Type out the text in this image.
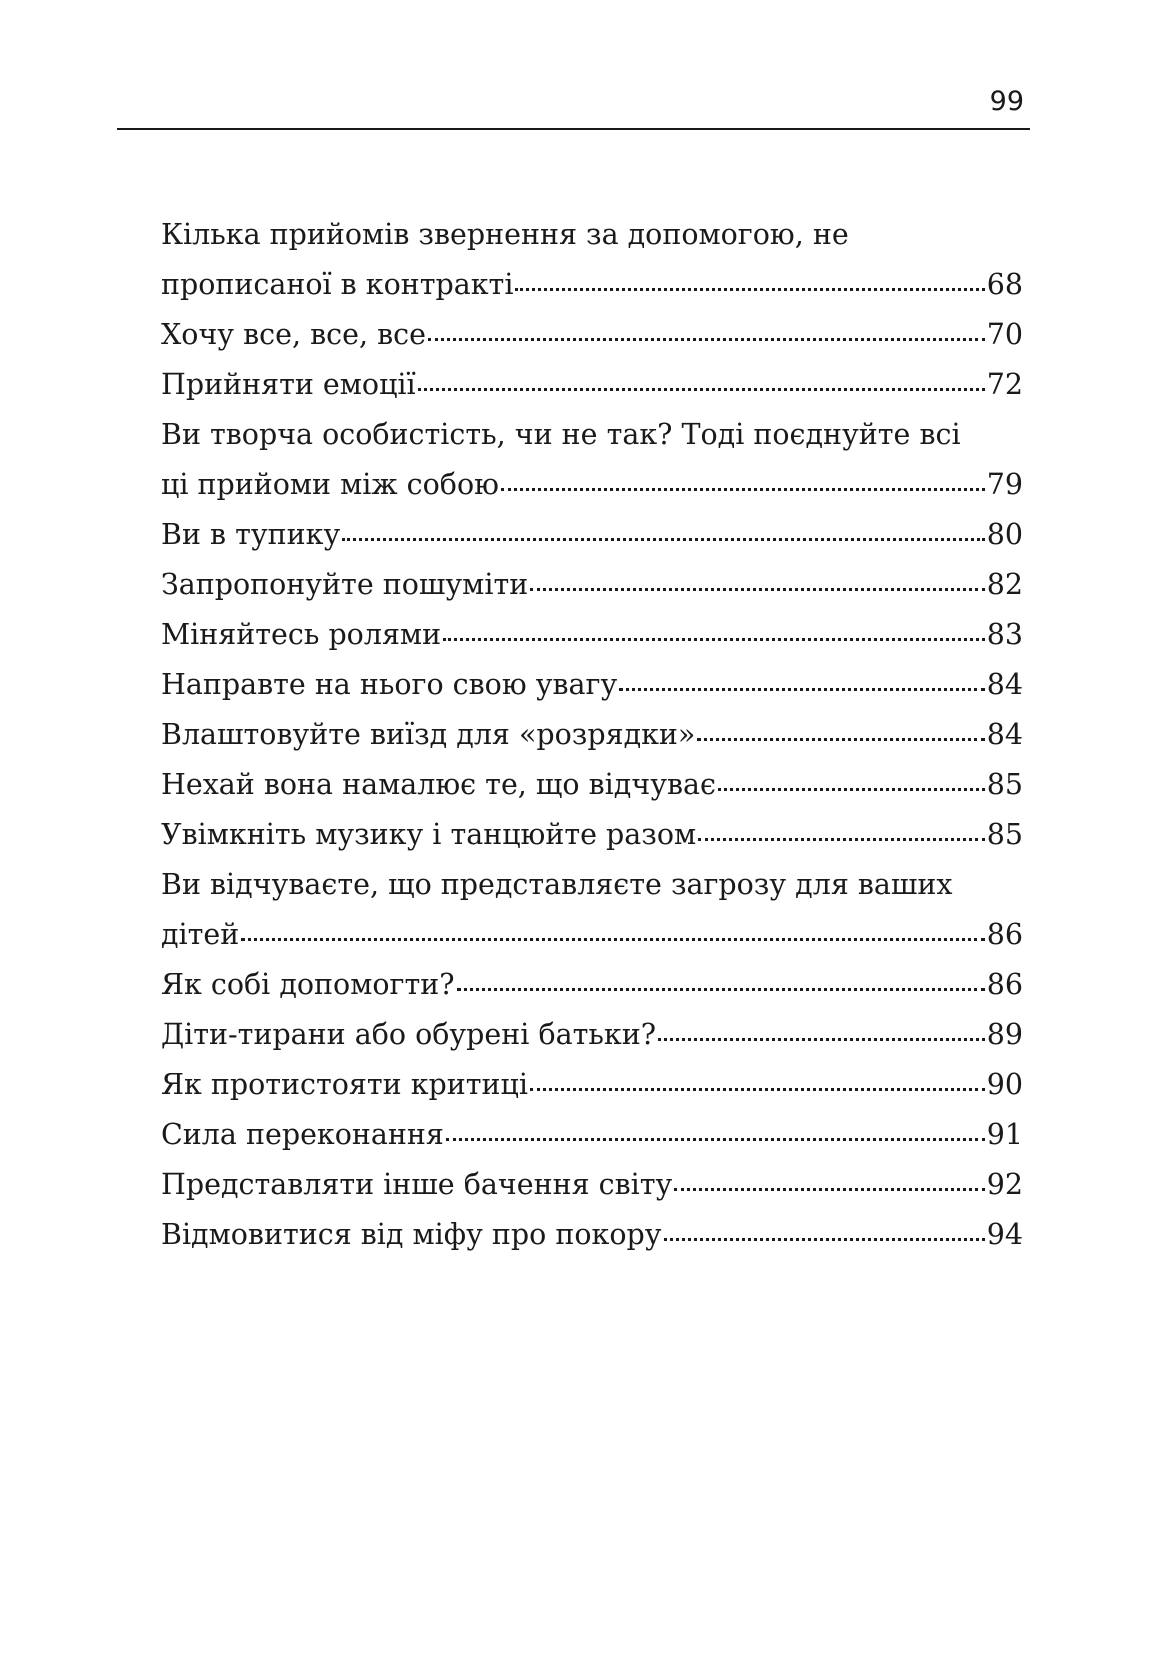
99
Кілька прийомів звернення за допомогою, не
прописаної в контракті	68
Хочу все, все, все	70
Прийняти емоції	72
Ви творча особистість, чи не так? Тоді поєднуйте всі
ці прийоми між собою	79
Ви в тупику	80
Запропонуйте пошуміти	82
Міняйтесь ролями	83
Направте на нього свою увагу	84
Влаштовуйте виїзд для «розрядки»	84
Нехай вона намалює те, що відчуває	85
Увімкніть музику і танцюйте разом	85
Ви відчуваєте, що представляєте загрозу для ваших
дітей	86
Як собі допомогти?	86
Діти-тирани або обурені батьки?	89
Як протистояти критиці	90
Сила переконання	91
Представляти інше бачення світу	92
Відмовитися від міфу про покору	94
